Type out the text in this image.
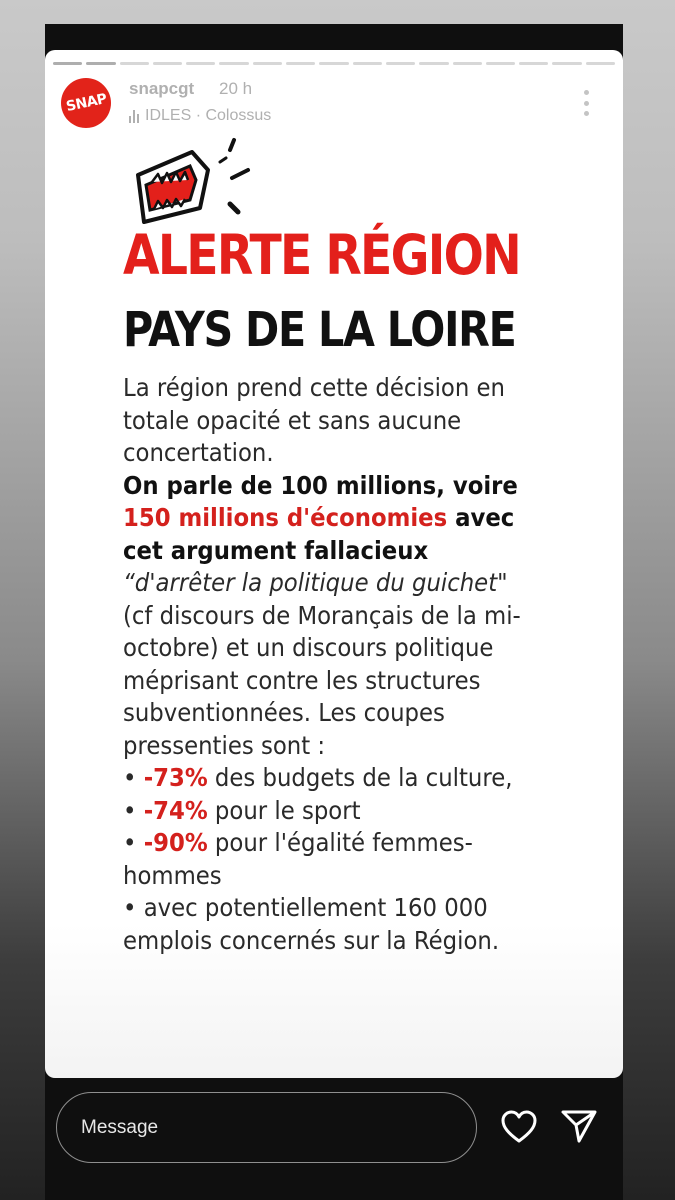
SNAP
snapcgt 20 h
IDLES · Colossus
ALERTE RÉGION
PAYS DE LA LOIRE

La région prend cette décision en totale opacité et sans aucune concertation.

On parle de 100 millions, voire 150 millions d'économies avec cet argument fallacieux

“d'arrêter la politique du guichet" (cf discours de Morançais de la mi-octobre) et un discours politique méprisant contre les structures subventionnées. Les coupes pressenties sont :

• -73% des budgets de la culture,

• -74% pour le sport

• -90% pour l'égalité femmes-hommes

• avec potentiellement 160 000 emplois concernés sur la Région.

Message
